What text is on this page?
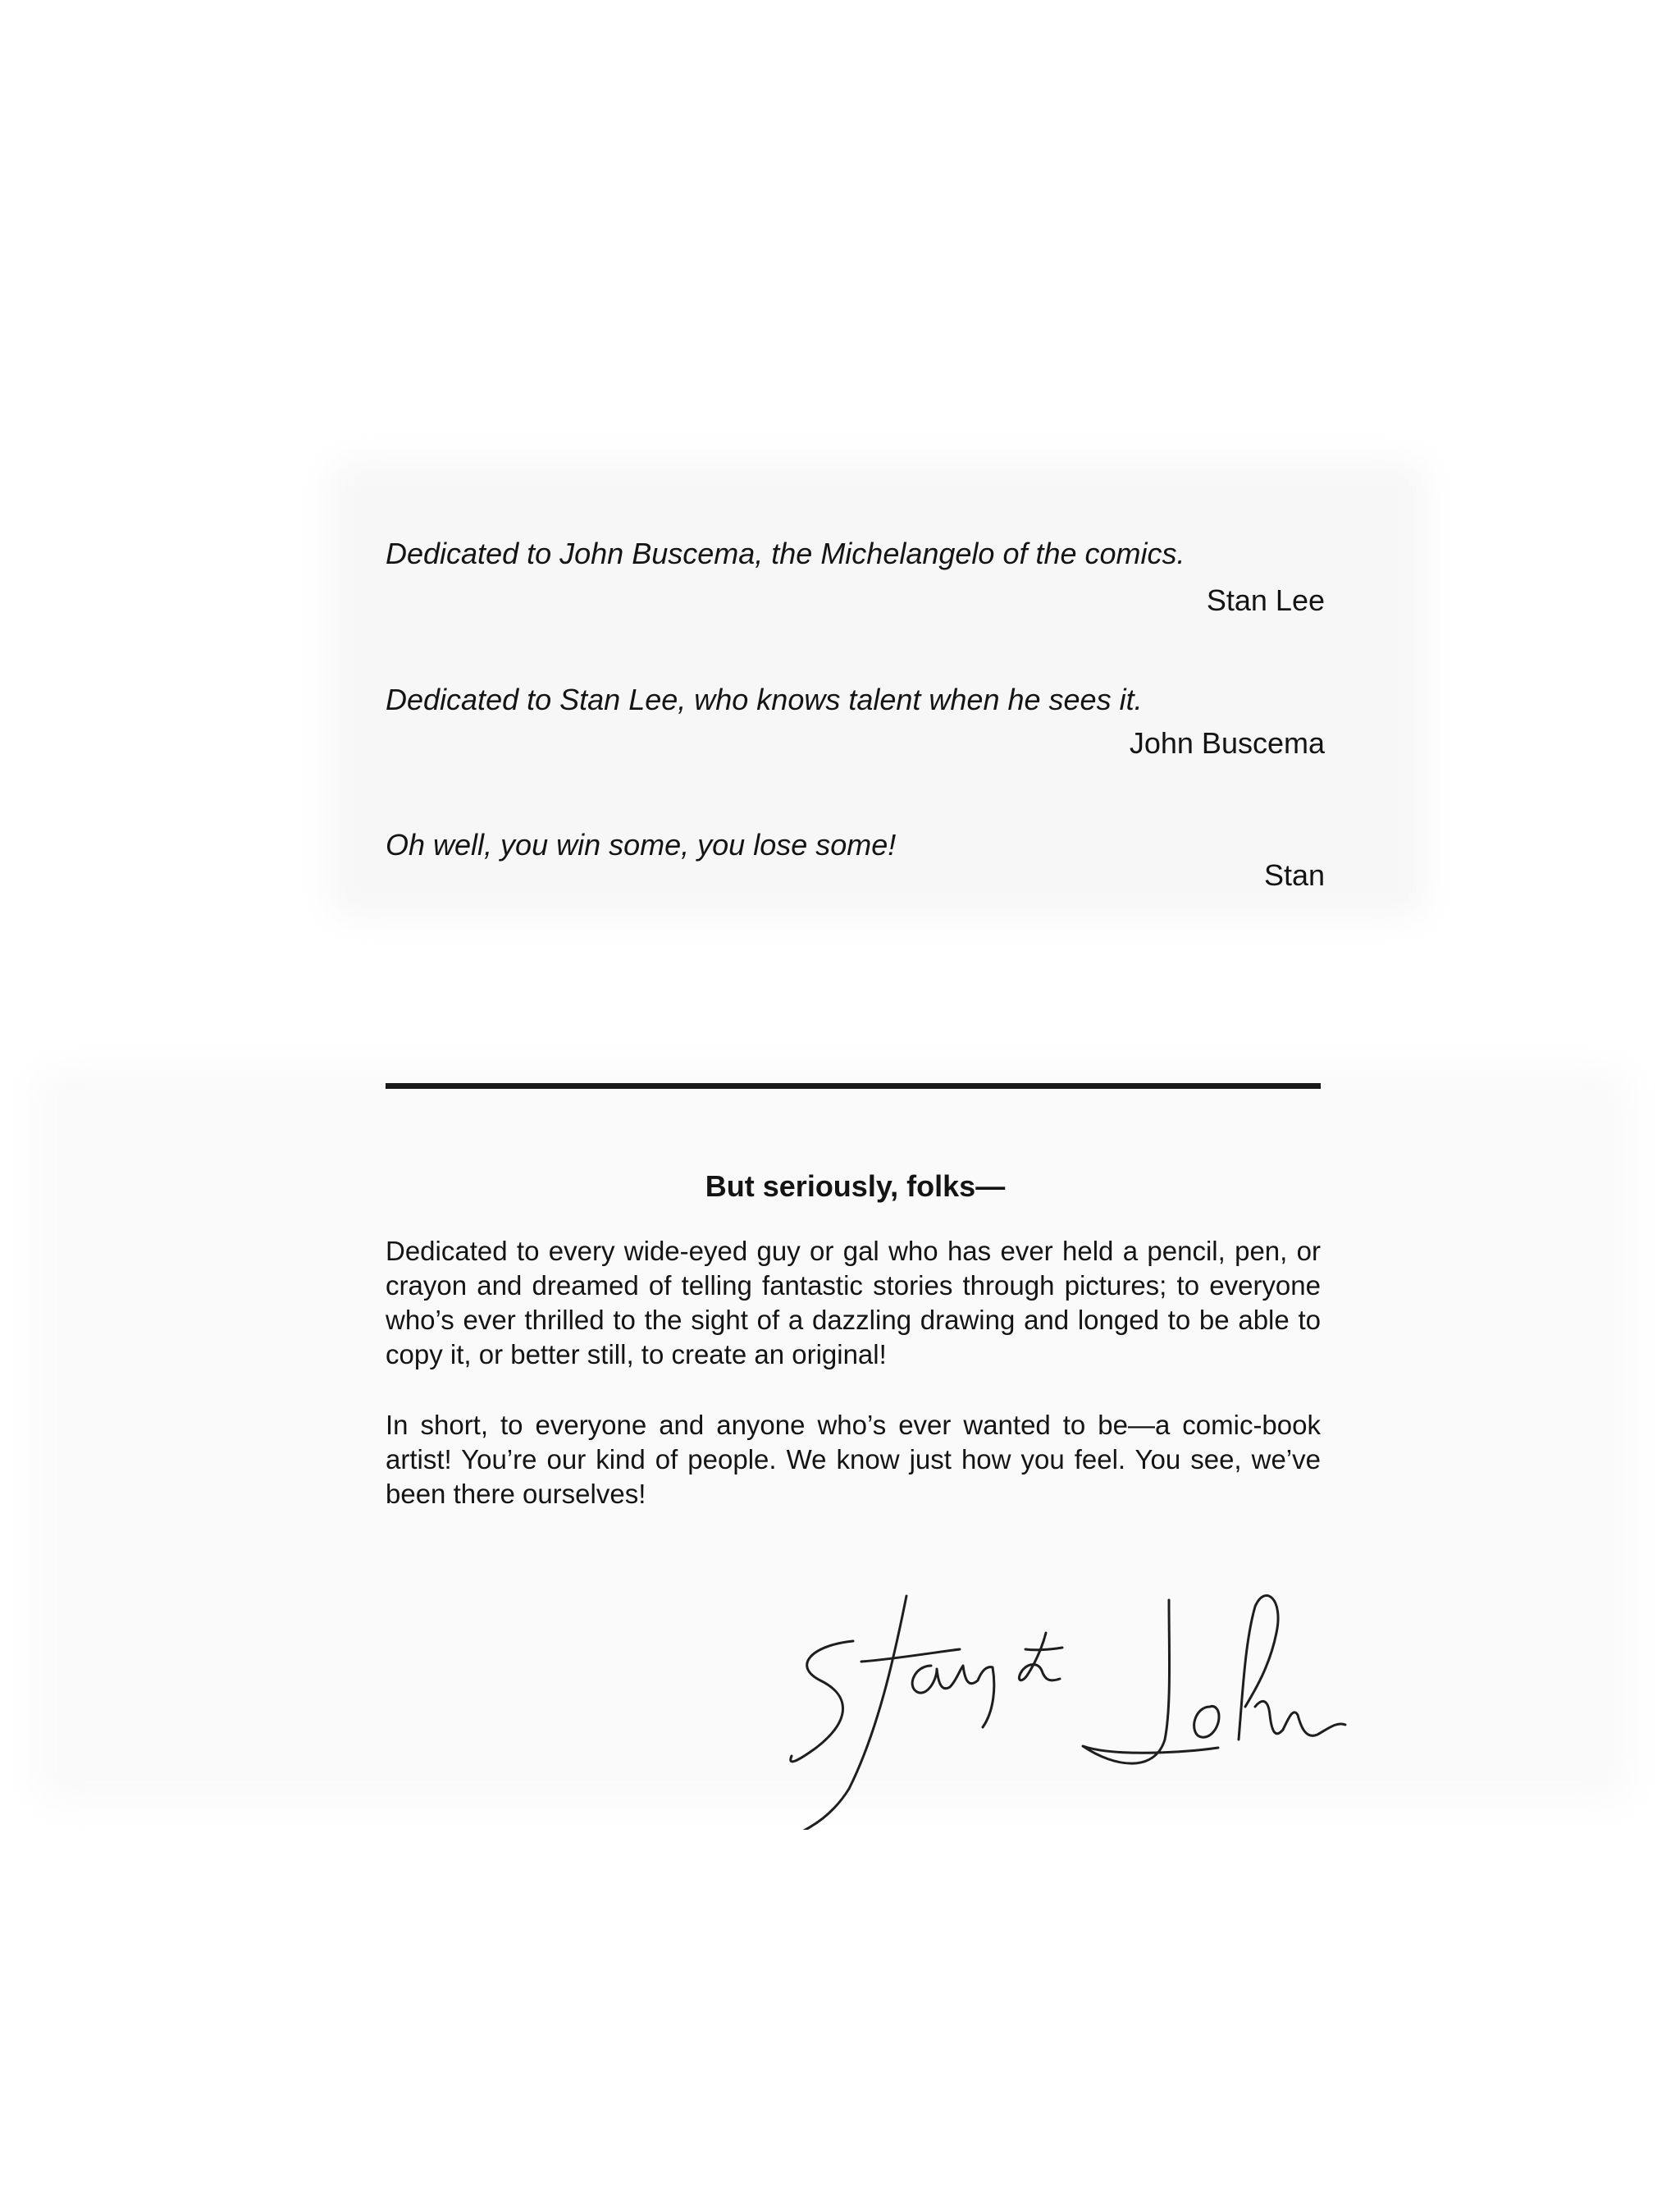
Dedicated to John Buscema, the Michelangelo of the comics.
Stan Lee
Dedicated to Stan Lee, who knows talent when he sees it.
John Buscema
Oh well, you win some, you lose some!
Stan
But seriously, folks—
Dedicated to every wide-eyed guy or gal who has ever held a pencil, pen, or crayon and dreamed of telling fantastic stories through pictures; to everyone who’s ever thrilled to the sight of a dazzling drawing and longed to be able to copy it, or better still, to create an original!
In short, to everyone and anyone who’s ever wanted to be—a comic-book artist! You’re our kind of people. We know just how you feel. You see, we’ve been there ourselves!
